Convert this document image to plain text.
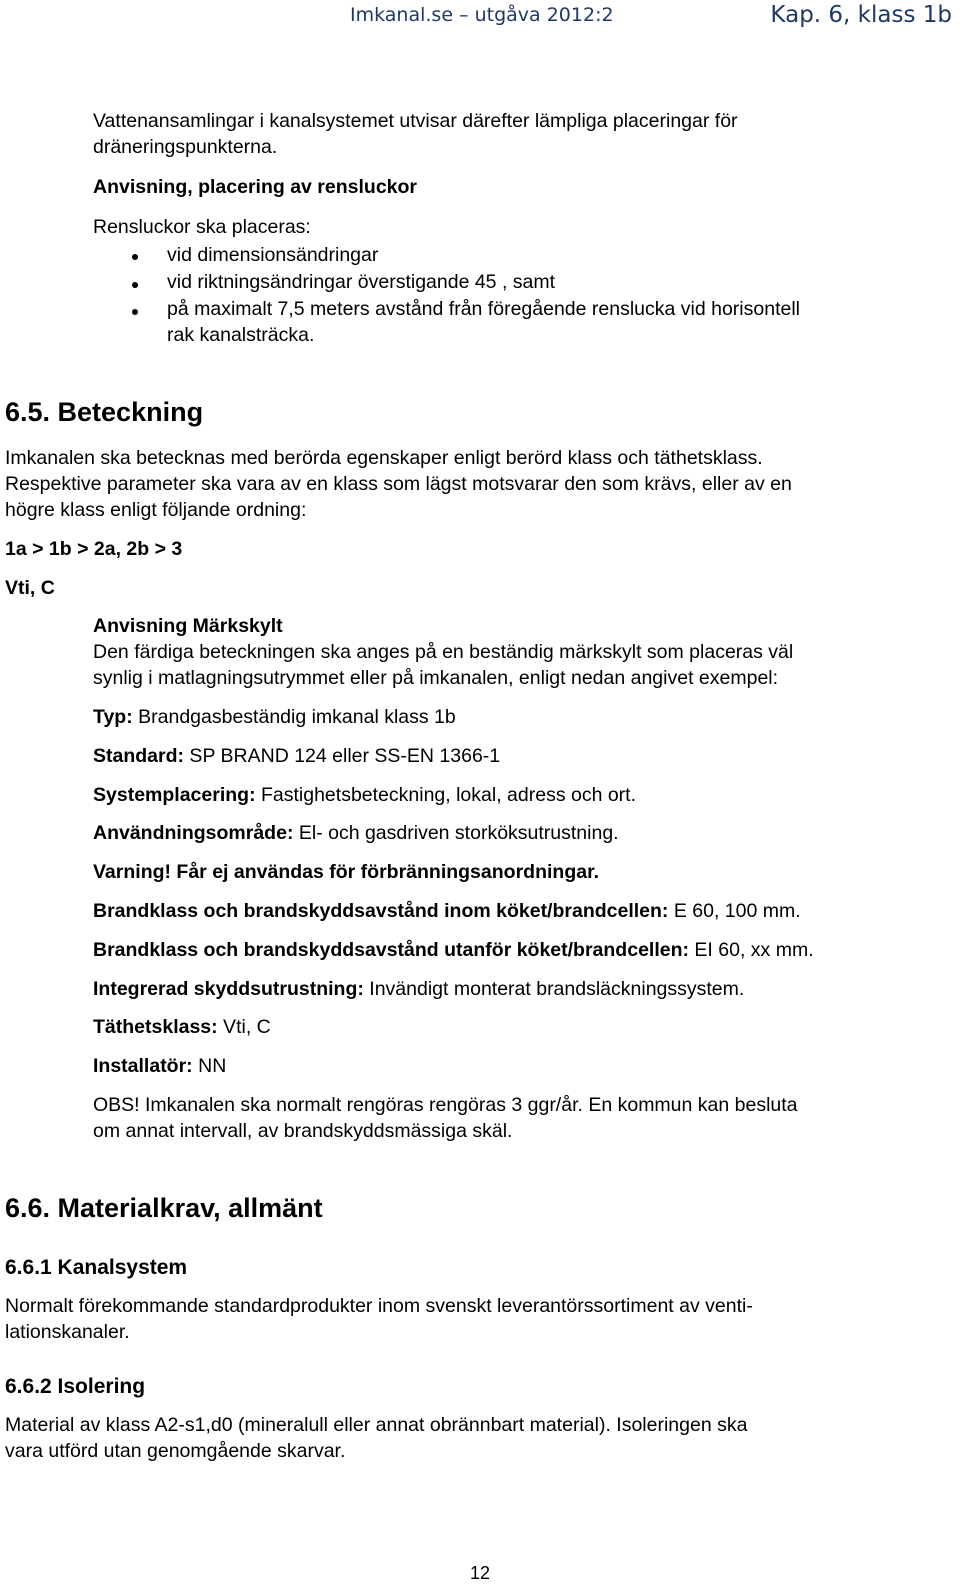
Imkanal.se – utgåva 2012:2	Kap. 6, klass 1b
Vattenansamlingar i kanalsystemet utvisar därefter lämpliga placeringar för
dräneringspunkterna.
Anvisning, placering av rensluckor
Rensluckor ska placeras:
vid dimensionsändringar
vid riktningsändringar överstigande 45 , samt
på maximalt 7,5 meters avstånd från föregående renslucka vid horisontell
rak kanalsträcka.
6.5. Beteckning
Imkanalen ska betecknas med berörda egenskaper enligt berörd klass och täthetsklass.
Respektive parameter ska vara av en klass som lägst motsvarar den som krävs, eller av en
högre klass enligt följande ordning:
1a > 1b > 2a, 2b > 3
Vti, C
Anvisning Märkskylt
Den färdiga beteckningen ska anges på en beständig märkskylt som placeras väl
synlig i matlagningsutrymmet eller på imkanalen, enligt nedan angivet exempel:
Typ: Brandgasbeständig imkanal klass 1b
Standard: SP BRAND 124 eller SS-EN 1366-1
Systemplacering: Fastighetsbeteckning, lokal, adress och ort.
Användningsområde: El- och gasdriven storköksutrustning.
Varning! Får ej användas för förbränningsanordningar.
Brandklass och brandskyddsavstånd inom köket/brandcellen: E 60, 100 mm.
Brandklass och brandskyddsavstånd utanför köket/brandcellen: EI 60, xx mm.
Integrerad skyddsutrustning: Invändigt monterat brandsläckningssystem.
Täthetsklass: Vti, C
Installatör: NN
OBS! Imkanalen ska normalt rengöras rengöras 3 ggr/år. En kommun kan besluta
om annat intervall, av brandskyddsmässiga skäl.
6.6. Materialkrav, allmänt
6.6.1 Kanalsystem
Normalt förekommande standardprodukter inom svenskt leverantörssortiment av venti-
lationskanaler.
6.6.2 Isolering
Material av klass A2-s1,d0 (mineralull eller annat obrännbart material). Isoleringen ska
vara utförd utan genomgående skarvar.
12
